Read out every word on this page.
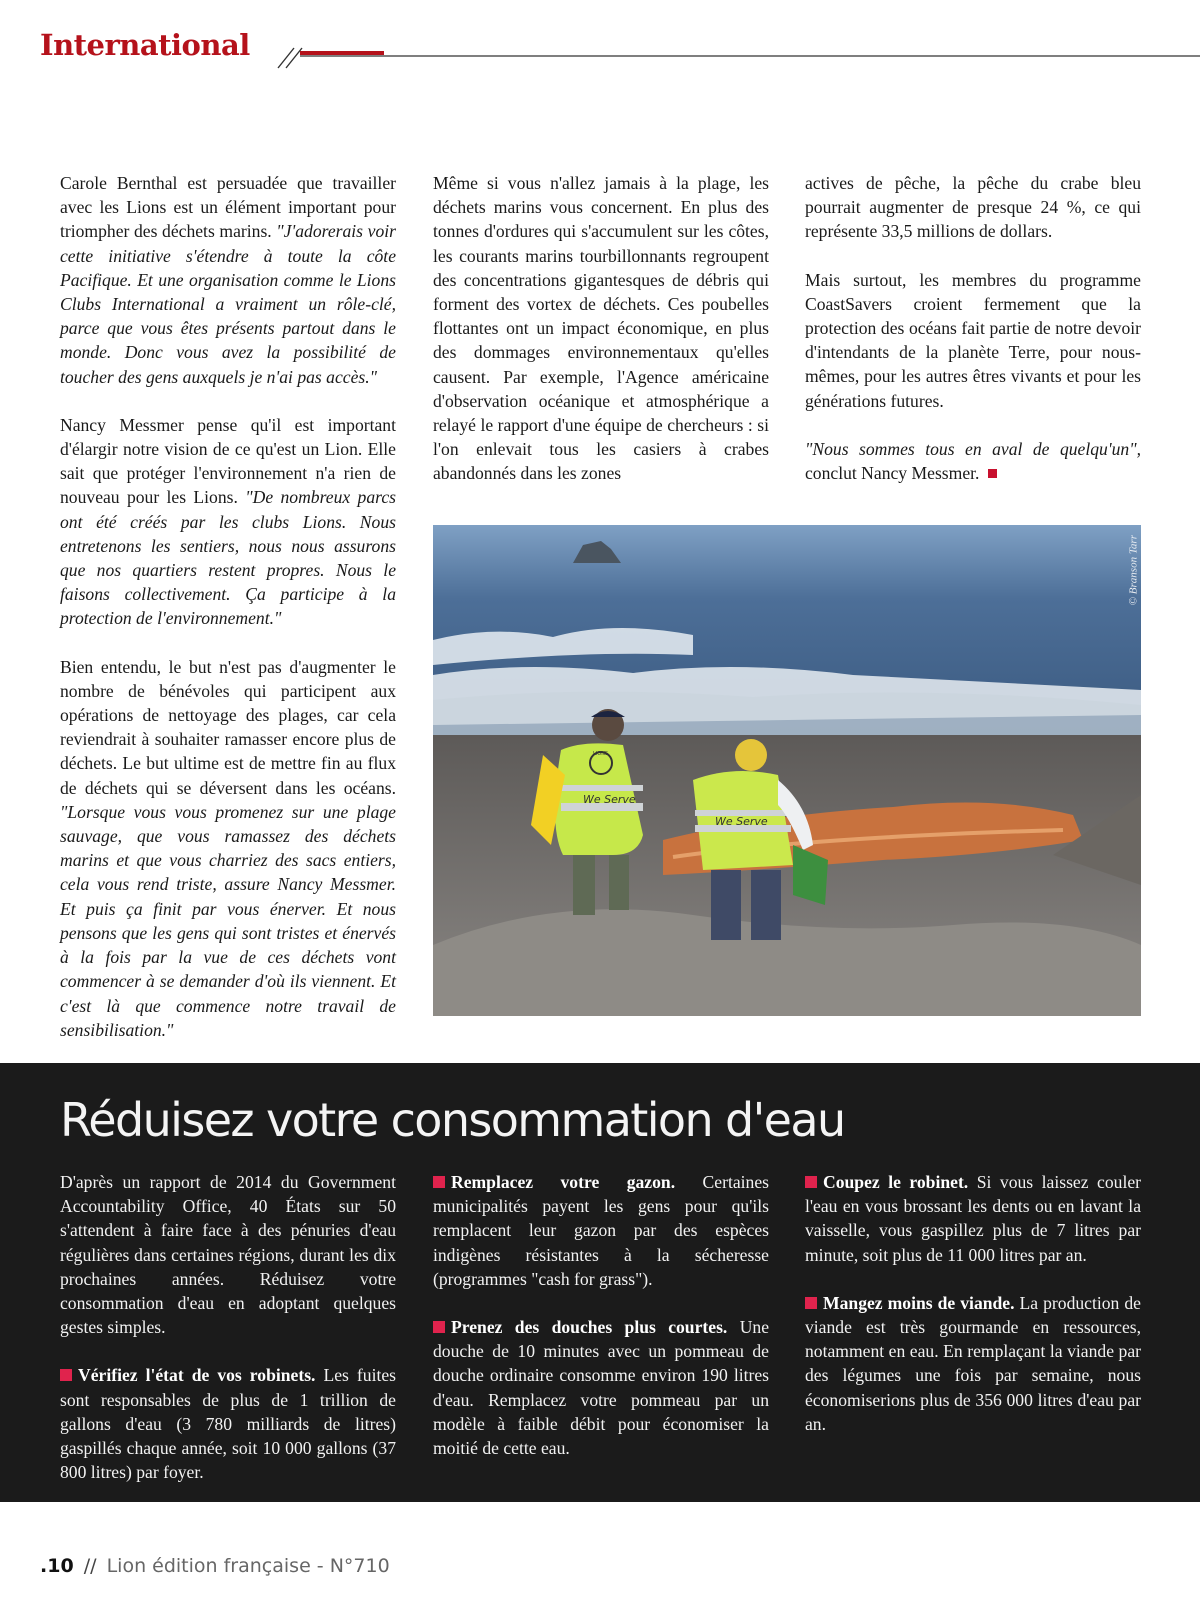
International

Carole Bernthal est persuadée que travailler avec les Lions est un élément important pour triompher des déchets marins. "J'adorerais voir cette initiative s'étendre à toute la côte Pacifique. Et une organisation comme le Lions Clubs International a vraiment un rôle-clé, parce que vous êtes présents partout dans le monde. Donc vous avez la possibilité de toucher des gens auxquels je n'ai pas accès."

Nancy Messmer pense qu'il est important d'élargir notre vision de ce qu'est un Lion. Elle sait que protéger l'environnement n'a rien de nouveau pour les Lions. "De nombreux parcs ont été créés par les clubs Lions. Nous entretenons les sentiers, nous nous assurons que nos quartiers restent propres. Nous le faisons collectivement. Ça participe à la protection de l'environnement."

Bien entendu, le but n'est pas d'augmenter le nombre de bénévoles qui participent aux opérations de nettoyage des plages, car cela reviendrait à souhaiter ramasser encore plus de déchets. Le but ultime est de mettre fin au flux de déchets qui se déversent dans les océans. "Lorsque vous vous promenez sur une plage sauvage, que vous ramassez des déchets marins et que vous charriez des sacs entiers, cela vous rend triste, assure Nancy Messmer. Et puis ça finit par vous énerver. Et nous pensons que les gens qui sont tristes et énervés à la fois par la vue de ces déchets vont commencer à se demander d'où ils viennent. Et c'est là que commence notre travail de sensibilisation."

Même si vous n'allez jamais à la plage, les déchets marins vous concernent. En plus des tonnes d'ordures qui s'accumulent sur les côtes, les courants marins tourbillonnants regroupent des concentrations gigantesques de débris qui forment des vortex de déchets. Ces poubelles flottantes ont un impact économique, en plus des dommages environnementaux qu'elles causent. Par exemple, l'Agence américaine d'observation océanique et atmosphérique a relayé le rapport d'une équipe de chercheurs : si l'on enlevait tous les casiers à crabes abandonnés dans les zones

actives de pêche, la pêche du crabe bleu pourrait augmenter de presque 24 %, ce qui représente 33,5 millions de dollars.

Mais surtout, les membres du programme CoastSavers croient fermement que la protection des océans fait partie de notre devoir d'intendants de la planète Terre, pour nous-mêmes, pour les autres êtres vivants et pour les générations futures.

"Nous sommes tous en aval de quelqu'un", conclut Nancy Messmer.

We Serve
LIONS
We Serve
© Branson Tarr
Réduisez votre consommation d'eau

D'après un rapport de 2014 du Government Accountability Office, 40 États sur 50 s'attendent à faire face à des pénuries d'eau régulières dans certaines régions, durant les dix prochaines années. Réduisez votre consommation d'eau en adoptant quelques gestes simples.

Vérifiez l'état de vos robinets. Les fuites sont responsables de plus de 1 trillion de gallons d'eau (3 780 milliards de litres) gaspillés chaque année, soit 10 000 gallons (37 800 litres) par foyer.

Remplacez votre gazon. Certaines municipalités payent les gens pour qu'ils remplacent leur gazon par des espèces indigènes résistantes à la sécheresse (programmes "cash for grass").

Prenez des douches plus courtes. Une douche de 10 minutes avec un pommeau de douche ordinaire consomme environ 190 litres d'eau. Remplacez votre pommeau par un modèle à faible débit pour économiser la moitié de cette eau.

Coupez le robinet. Si vous laissez couler l'eau en vous brossant les dents ou en lavant la vaisselle, vous gaspillez plus de 7 litres par minute, soit plus de 11 000 litres par an.

Mangez moins de viande. La production de viande est très gourmande en ressources, notamment en eau. En remplaçant la viande par des légumes une fois par semaine, nous économiserions plus de 356 000 litres d'eau par an.

.10 // Lion édition française - N°710
